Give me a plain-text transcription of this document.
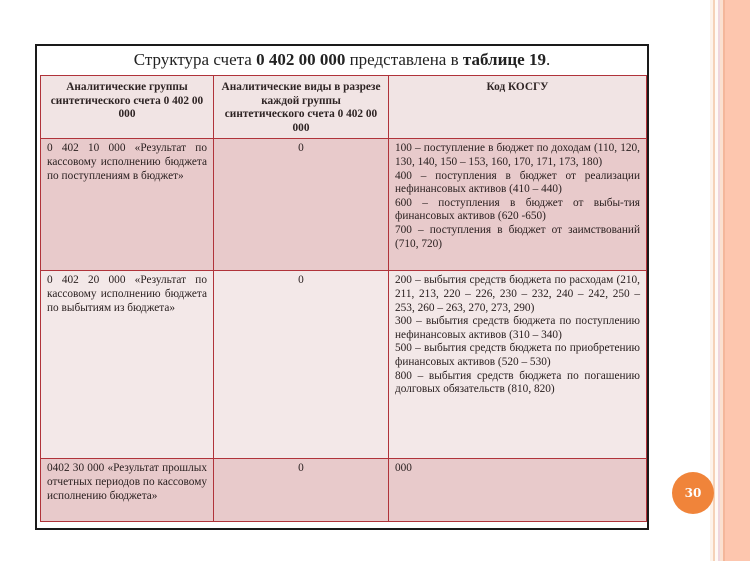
Структура счета 0 402 00 000 представлена в таблице 19.
Аналитические группы синтетического счета 0 402 00 000	Аналитические виды в разрезе каждой группы синтетического счета 0 402 00 000	Код КОСГУ
0 402 10 000 «Результат по кассовому исполнению бюджета по поступлениям в бюджет»	0	100 – поступление в бюджет по доходам (110, 120, 130, 140, 150 – 153, 160, 170, 171, 173, 180)
400 – поступления в бюджет от реализации нефинансовых активов (410 – 440)
600 – поступления в бюджет от выбы-тия финансовых активов (620 -650)
700 – поступления в бюджет от заимствований (710, 720)

0 402 20 000 «Результат по кассовому исполнению бюджета по выбытиям из бюджета»	0	200 – выбытия средств бюджета по расходам (210, 211, 213, 220 – 226, 230 – 232, 240 – 242, 250 – 253, 260 – 263, 270, 273, 290)
300 – выбытия средств бюджета по поступлению нефинансовых активов (310 – 340)
500 – выбытия средств бюджета по приобретению финансовых активов (520 – 530)
800 – выбытия средств бюджета по погашению долговых обязательств (810, 820)

0402 30 000 «Результат прошлых отчетных периодов по кассовому исполнению бюджета»	0	000
30
